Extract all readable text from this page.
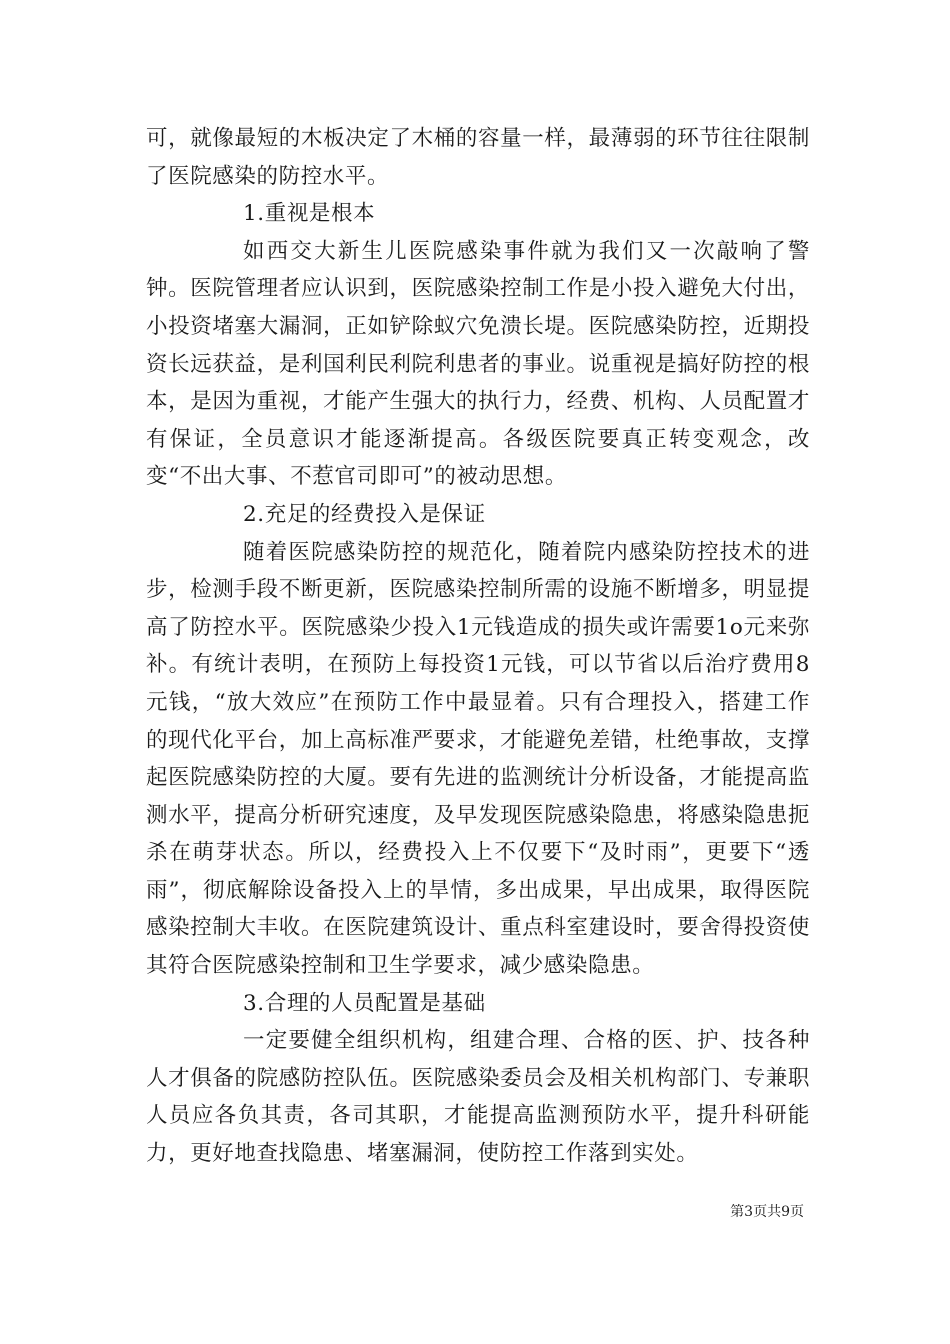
可，就像最短的木板决定了木桶的容量一样，最薄弱的环节往往限制了医院感染的防控水平。

1.重视是根本

如西交大新生儿医院感染事件就为我们又一次敲响了警钟。医院管理者应认识到，医院感染控制工作是小投入避免大付出，小投资堵塞大漏洞，正如铲除蚁穴免溃长堤。医院感染防控，近期投资长远获益，是利国利民利院利患者的事业。说重视是搞好防控的根本，是因为重视，才能产生强大的执行力，经费、机构、人员配置才有保证，全员意识才能逐渐提高。各级医院要真正转变观念，改变“不出大事、不惹官司即可”的被动思想。

2.充足的经费投入是保证

随着医院感染防控的规范化，随着院内感染防控技术的进步，检测手段不断更新，医院感染控制所需的设施不断增多，明显提高了防控水平。医院感染少投入1元钱造成的损失或许需要1o元来弥补。有统计表明，在预防上每投资1元钱，可以节省以后治疗费用8元钱，“放大效应”在预防工作中最显着。只有合理投入，搭建工作的现代化平台，加上高标准严要求，才能避免差错，杜绝事故，支撑起医院感染防控的大厦。要有先进的监测统计分析设备，才能提高监测水平，提高分析研究速度，及早发现医院感染隐患，将感染隐患扼杀在萌芽状态。所以，经费投入上不仅要下“及时雨”，更要下“透雨”，彻底解除设备投入上的旱情，多出成果，早出成果，取得医院感染控制大丰收。在医院建筑设计、重点科室建设时，要舍得投资使其符合医院感染控制和卫生学要求，减少感染隐患。

3.合理的人员配置是基础

一定要健全组织机构，组建合理、合格的医、护、技各种人才俱备的院感防控队伍。医院感染委员会及相关机构部门、专兼职人员应各负其责，各司其职，才能提高监测预防水平，提升科研能力，更好地查找隐患、堵塞漏洞，使防控工作落到实处。

第3页共9页
